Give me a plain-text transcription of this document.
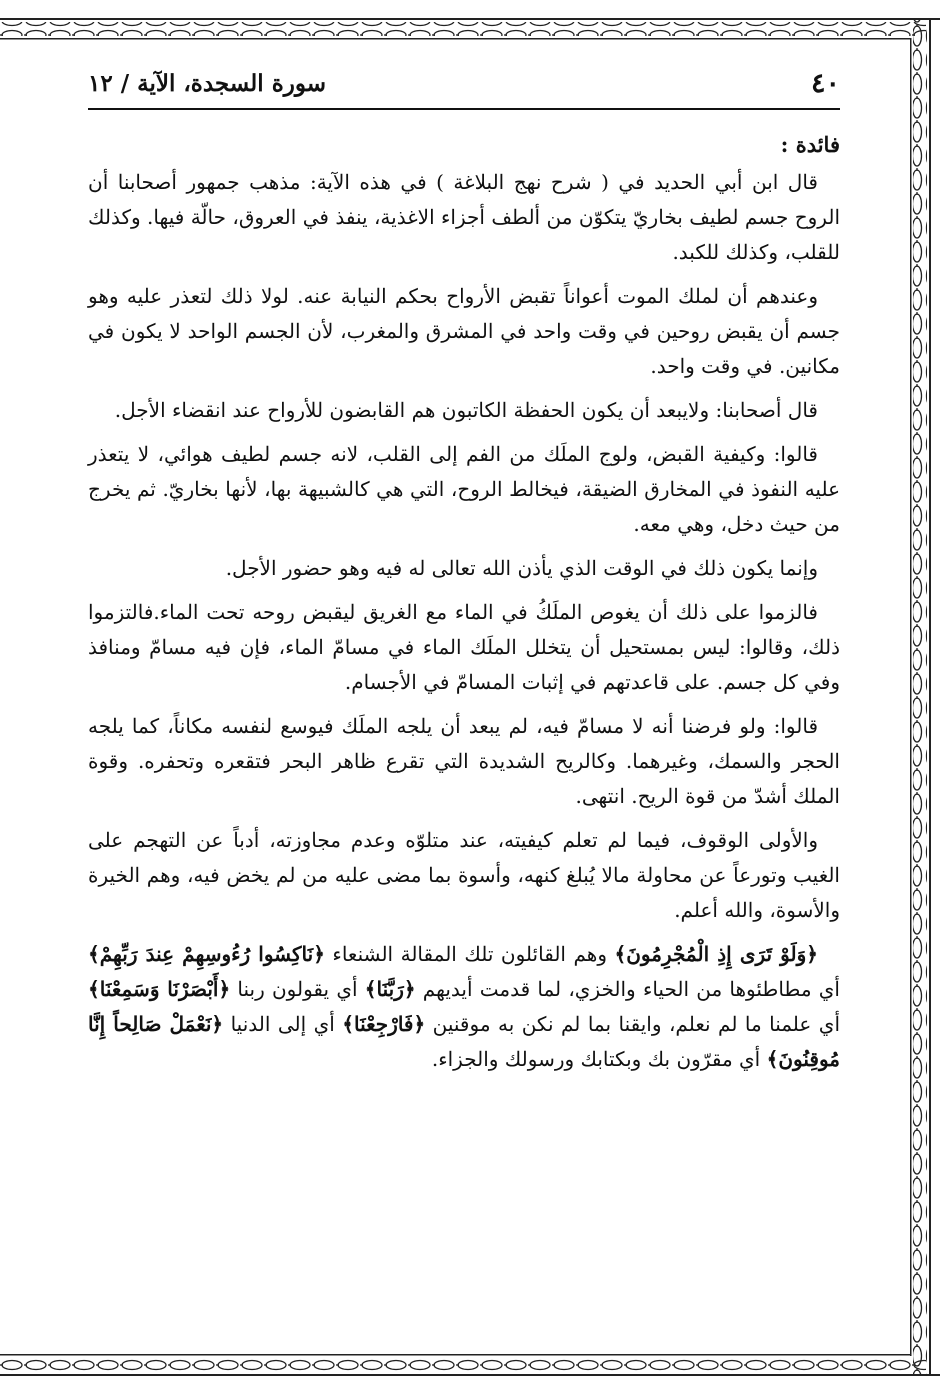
٤٠
سورة السجدة، الآية / ١٢
فائدة :

قال ابن أبي الحديد في ( شرح نهج البلاغة ) في هذه الآية: مذهب جمهور أصحابنا أن الروح جسم لطيف بخاريّ يتكوّن من ألطف أجزاء الاغذية، ينفذ في العروق، حالّة فيها. وكذلك للقلب، وكذلك للكبد.

وعندهم أن لملك الموت أعواناً تقبض الأرواح بحكم النيابة عنه. لولا ذلك لتعذر عليه وهو جسم أن يقبض روحين في وقت واحد في المشرق والمغرب، لأن الجسم الواحد لا يكون في مكانين. في وقت واحد.

قال أصحابنا: ولايبعد أن يكون الحفظة الكاتبون هم القابضون للأرواح عند انقضاء الأجل.

قالوا: وكيفية القبض، ولوج الملَك من الفم إلى القلب، لانه جسم لطيف هوائي، لا يتعذر عليه النفوذ في المخارق الضيقة، فيخالط الروح، التي هي كالشبيهة بها، لأنها بخاريّ. ثم يخرج من حيث دخل، وهي معه.

وإنما يكون ذلك في الوقت الذي يأذن الله تعالى له فيه وهو حضور الأجل.

فالزموا على ذلك أن يغوص الملَكُ في الماء مع الغريق ليقبض روحه تحت الماء.فالتزموا ذلك، وقالوا: ليس بمستحيل أن يتخلل الملَك الماء في مسامّ الماء، فإن فيه مسامّ ومنافذ وفي كل جسم. على قاعدتهم في إثبات المسامّ في الأجسام.

قالوا: ولو فرضنا أنه لا مسامّ فيه، لم يبعد أن يلجه الملَك فيوسع لنفسه مكاناً، كما يلجه الحجر والسمك، وغيرهما. وكالريح الشديدة التي تقرع ظاهر البحر فتقعره وتحفره. وقوة الملك أشدّ من قوة الريح. انتهى.

والأولى الوقوف، فيما لم تعلم كيفيته، عند متلوّه وعدم مجاوزته، أدباً عن التهجم على الغيب وتورعاً عن محاولة مالا يُبلغ كنهه، وأسوة بما مضى عليه من لم يخض فيه، وهم الخيرة والأسوة، والله أعلم.

﴿وَلَوْ تَرَى إِذِ الْمُجْرِمُونَ﴾ وهم القائلون تلك المقالة الشنعاء ﴿نَاكِسُوا رُءُوسِهِمْ عِندَ رَبِّهِمْ﴾ أي مطاطئوها من الحياء والخزي، لما قدمت أيديهم ﴿رَبَّنَا﴾ أي يقولون ربنا ﴿أَبْصَرْنَا وَسَمِعْنَا﴾ أي علمنا ما لم نعلم، وايقنا بما لم نكن به موقنين ﴿فَارْجِعْنَا﴾ أي إلى الدنيا ﴿نَعْمَلْ صَالِحاً إِنَّا مُوقِنُونَ﴾ أي مقرّون بك وبكتابك ورسولك والجزاء.
